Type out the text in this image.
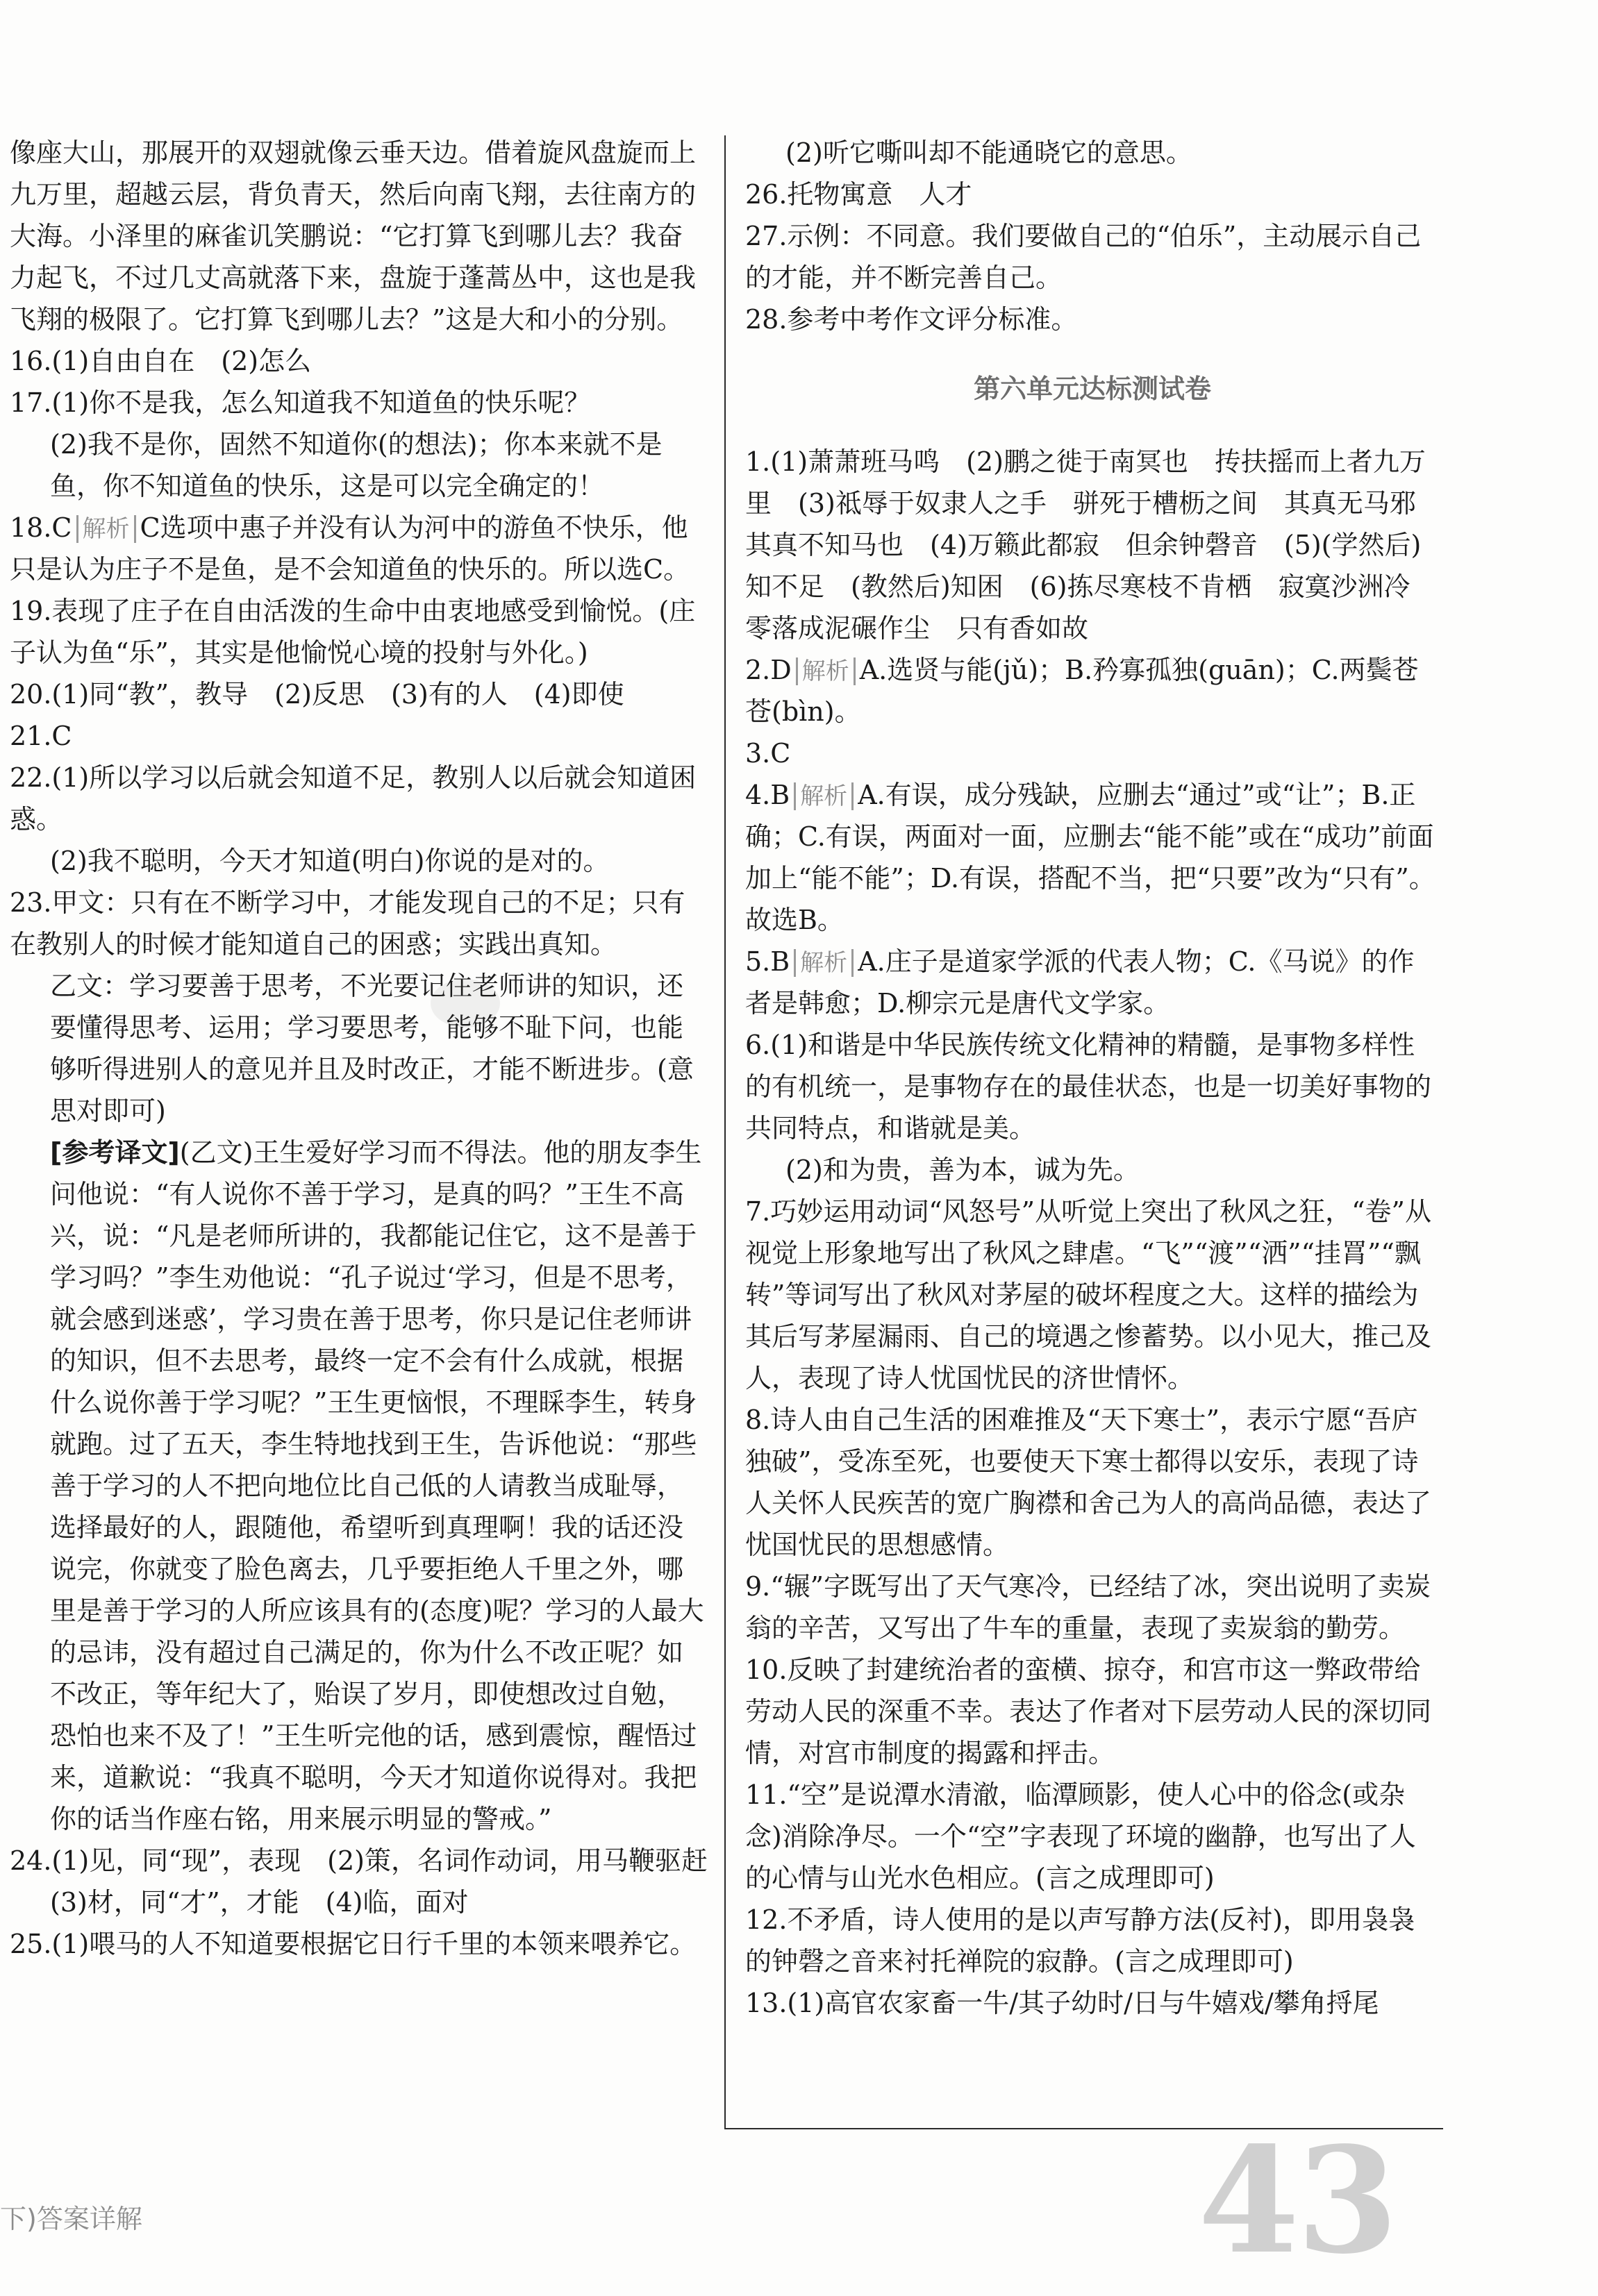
像座大山，那展开的双翅就像云垂天边。借着旋风盘旋而上九万里，超越云层，背负青天，然后向南飞翔，去往南方的大海。小泽里的麻雀讥笑鹏说：“它打算飞到哪儿去？我奋力起飞，不过几丈高就落下来，盘旋于蓬蒿丛中，这也是我飞翔的极限了。它打算飞到哪儿去？”这是大和小的分别。

16.(1)自由自在　(2)怎么

17.(1)你不是我，怎么知道我不知道鱼的快乐呢？

(2)我不是你，固然不知道你(的想法)；你本来就不是鱼，你不知道鱼的快乐，这是可以完全确定的！

18.C 解析 C选项中惠子并没有认为河中的游鱼不快乐，他只是认为庄子不是鱼，是不会知道鱼的快乐的。所以选C。

19.表现了庄子在自由活泼的生命中由衷地感受到愉悦。(庄子认为鱼“乐”，其实是他愉悦心境的投射与外化。)

20.(1)同“教”，教导　(2)反思　(3)有的人　(4)即使

21.C

22.(1)所以学习以后就会知道不足，教别人以后就会知道困惑。

(2)我不聪明，今天才知道(明白)你说的是对的。

23.甲文：只有在不断学习中，才能发现自己的不足；只有在教别人的时候才能知道自己的困惑；实践出真知。

乙文：学习要善于思考，不光要记住老师讲的知识，还要懂得思考、运用；学习要思考，能够不耻下问，也能够听得进别人的意见并且及时改正，才能不断进步。(意思对即可)

[参考译文](乙文)王生爱好学习而不得法。他的朋友李生问他说：“有人说你不善于学习，是真的吗？”王生不高兴，说：“凡是老师所讲的，我都能记住它，这不是善于学习吗？”李生劝他说：“孔子说过‘学习，但是不思考，就会感到迷惑’，学习贵在善于思考，你只是记住老师讲的知识，但不去思考，最终一定不会有什么成就，根据什么说你善于学习呢？”王生更恼恨，不理睬李生，转身就跑。过了五天，李生特地找到王生，告诉他说：“那些善于学习的人不把向地位比自己低的人请教当成耻辱，选择最好的人，跟随他，希望听到真理啊！我的话还没说完，你就变了脸色离去，几乎要拒绝人千里之外，哪里是善于学习的人所应该具有的(态度)呢？学习的人最大的忌讳，没有超过自己满足的，你为什么不改正呢？如不改正，等年纪大了，贻误了岁月，即使想改过自勉，恐怕也来不及了！”王生听完他的话，感到震惊，醒悟过来，道歉说：“我真不聪明，今天才知道你说得对。我把你的话当作座右铭，用来展示明显的警戒。”

24.(1)见，同“现”，表现　(2)策，名词作动词，用马鞭驱赶

(3)材，同“才”，才能　(4)临，面对

25.(1)喂马的人不知道要根据它日行千里的本领来喂养它。

(2)听它嘶叫却不能通晓它的意思。

26.托物寓意　人才

27.示例：不同意。我们要做自己的“伯乐”，主动展示自己的才能，并不断完善自己。

28.参考中考作文评分标准。

第六单元达标测试卷

1.(1)萧萧班马鸣　(2)鹏之徙于南冥也　抟扶摇而上者九万里　(3)祗辱于奴隶人之手　骈死于槽枥之间　其真无马邪　其真不知马也　(4)万籁此都寂　但余钟磬音　(5)(学然后)知不足　(教然后)知困　(6)拣尽寒枝不肯栖　寂寞沙洲冷　零落成泥碾作尘　只有香如故

2.D 解析 A.选贤与能(jǔ)；B.矜寡孤独(guān)；C.两鬓苍苍(bìn)。

3.C

4.B 解析 A.有误，成分残缺，应删去“通过”或“让”；B.正确；C.有误，两面对一面，应删去“能不能”或在“成功”前面加上“能不能”；D.有误，搭配不当，把“只要”改为“只有”。故选B。

5.B 解析 A.庄子是道家学派的代表人物；C.《马说》的作者是韩愈；D.柳宗元是唐代文学家。

6.(1)和谐是中华民族传统文化精神的精髓，是事物多样性的有机统一，是事物存在的最佳状态，也是一切美好事物的共同特点，和谐就是美。

(2)和为贵，善为本，诚为先。

7.巧妙运用动词“风怒号”从听觉上突出了秋风之狂，“卷”从视觉上形象地写出了秋风之肆虐。“飞”“渡”“洒”“挂罥”“飘转”等词写出了秋风对茅屋的破坏程度之大。这样的描绘为其后写茅屋漏雨、自己的境遇之惨蓄势。以小见大，推己及人，表现了诗人忧国忧民的济世情怀。

8.诗人由自己生活的困难推及“天下寒士”，表示宁愿“吾庐独破”，受冻至死，也要使天下寒士都得以安乐，表现了诗人关怀人民疾苦的宽广胸襟和舍己为人的高尚品德，表达了忧国忧民的思想感情。

9.“辗”字既写出了天气寒冷，已经结了冰，突出说明了卖炭翁的辛苦，又写出了牛车的重量，表现了卖炭翁的勤劳。

10.反映了封建统治者的蛮横、掠夺，和宫市这一弊政带给劳动人民的深重不幸。表达了作者对下层劳动人民的深切同情，对宫市制度的揭露和抨击。

11.“空”是说潭水清澈，临潭顾影，使人心中的俗念(或杂念)消除净尽。一个“空”字表现了环境的幽静，也写出了人的心情与山光水色相应。(言之成理即可)

12.不矛盾，诗人使用的是以声写静方法(反衬)，即用袅袅的钟磬之音来衬托禅院的寂静。(言之成理即可)

13.(1)高官农家畜一牛/其子幼时/日与牛嬉戏/攀角捋尾

下)答案详解	43
